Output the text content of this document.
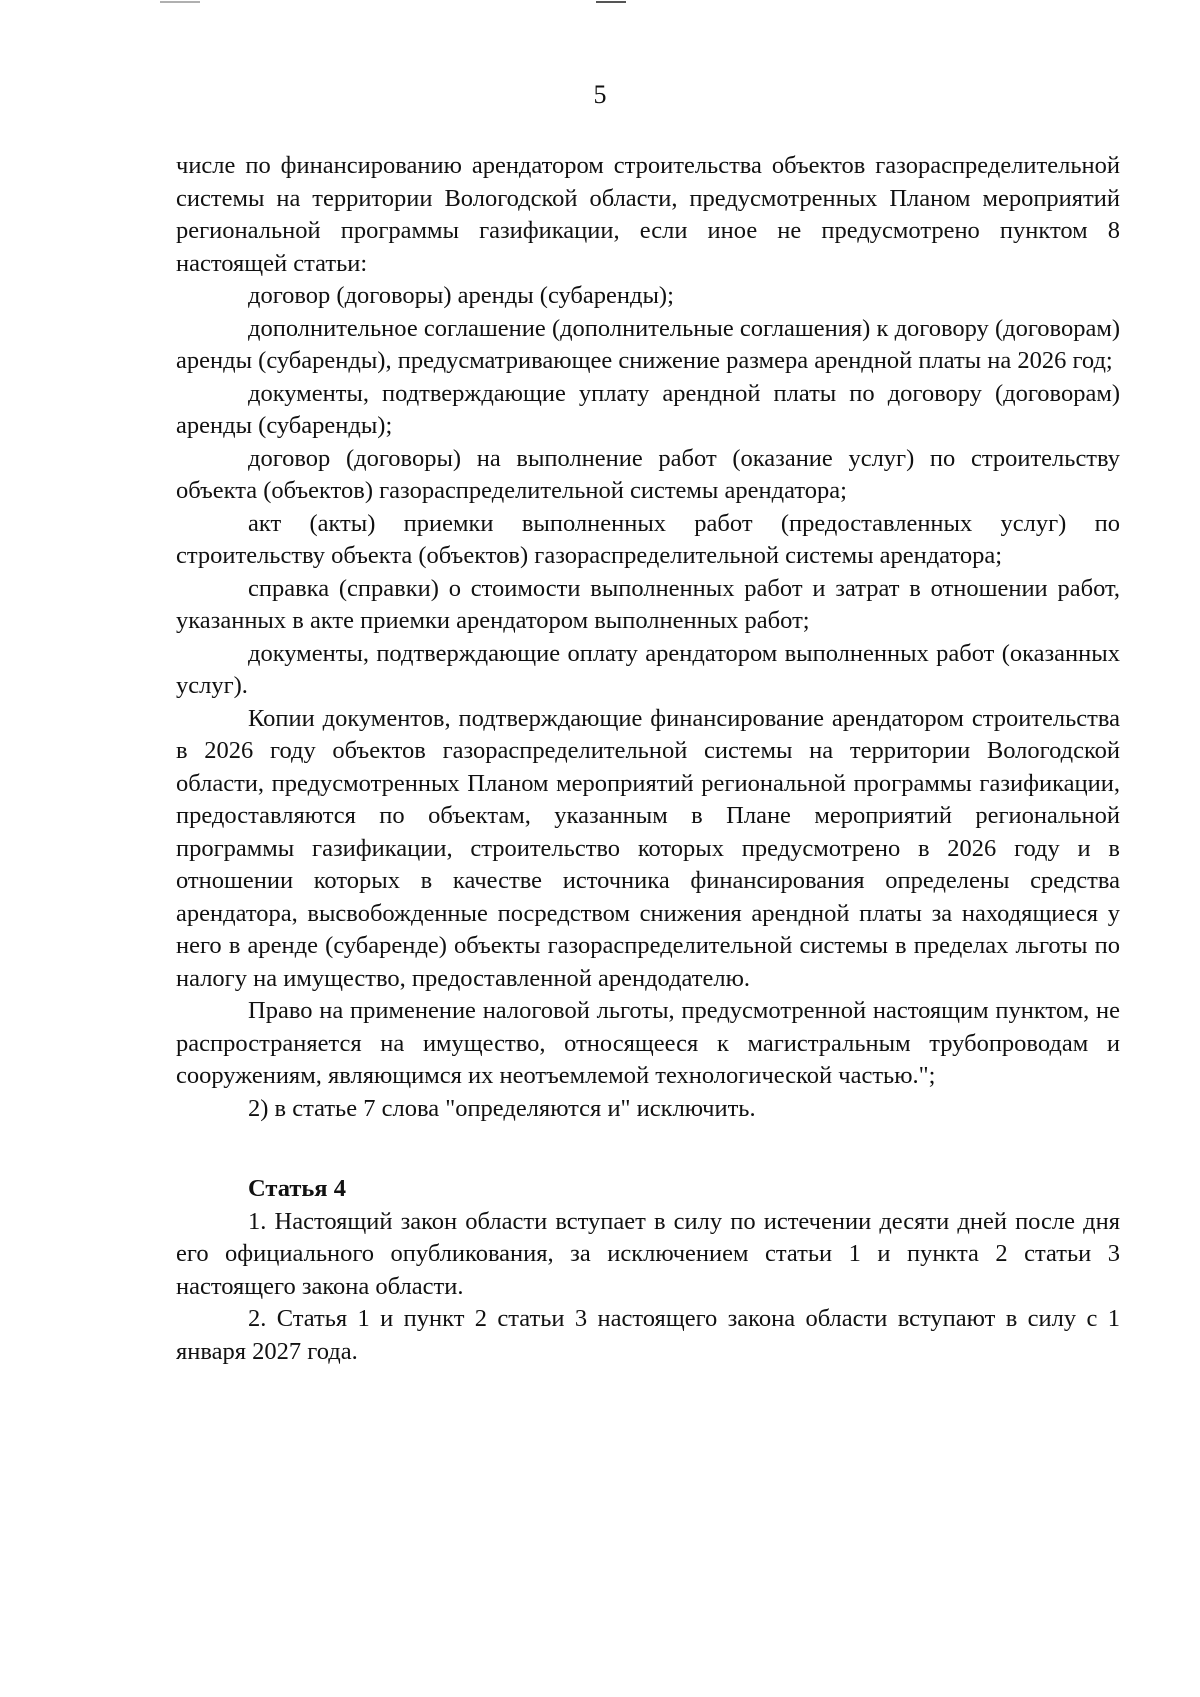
5

числе по финансированию арендатором строительства объектов газораспределительной системы на территории Вологодской области, предусмотренных Планом мероприятий региональной программы газификации, если иное не предусмотрено пунктом 8 настоящей статьи:

договор (договоры) аренды (субаренды);

дополнительное соглашение (дополнительные соглашения) к договору (договорам) аренды (субаренды), предусматривающее снижение размера арендной платы на 2026 год;

документы, подтверждающие уплату арендной платы по договору (договорам) аренды (субаренды);

договор (договоры) на выполнение работ (оказание услуг) по строительству объекта (объектов) газораспределительной системы арендатора;

акт (акты) приемки выполненных работ (предоставленных услуг) по строительству объекта (объектов) газораспределительной системы арендатора;

справка (справки) о стоимости выполненных работ и затрат в отношении работ, указанных в акте приемки арендатором выполненных работ;

документы, подтверждающие оплату арендатором выполненных работ (оказанных услуг).

Копии документов, подтверждающие финансирование арендатором строительства в 2026 году объектов газораспределительной системы на территории Вологодской области, предусмотренных Планом мероприятий региональной программы газификации, предоставляются по объектам, указанным в Плане мероприятий региональной программы газификации, строительство которых предусмотрено в 2026 году и в отношении которых в качестве источника финансирования определены средства арендатора, высвобожденные посредством снижения арендной платы за находящиеся у него в аренде (субаренде) объекты газораспределительной системы в пределах льготы по налогу на имущество, предоставленной арендодателю.

Право на применение налоговой льготы, предусмотренной настоящим пунктом, не распространяется на имущество, относящееся к магистральным трубопроводам и сооружениям, являющимся их неотъемлемой технологической частью.";

2) в статье 7 слова "определяются и" исключить.

Статья 4

1. Настоящий закон области вступает в силу по истечении десяти дней после дня его официального опубликования, за исключением статьи 1 и пункта 2 статьи 3 настоящего закона области.

2. Статья 1 и пункт 2 статьи 3 настоящего закона области вступают в силу с 1 января 2027 года.
